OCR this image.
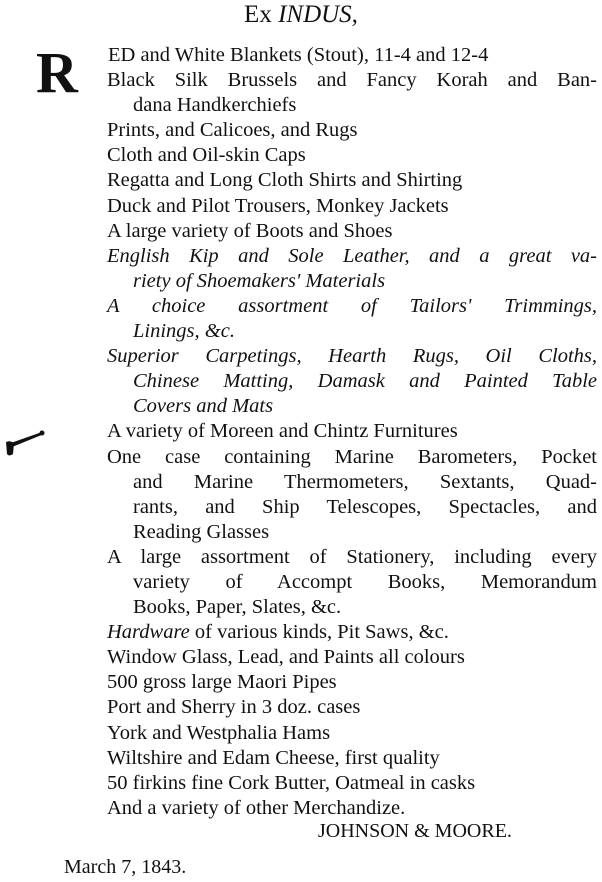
Ex INDUS,
R	ED and White Blankets (Stout), 11-4 and 12-4
Black Silk Brussels and Fancy Korah and Ban-
dana Handkerchiefs
Prints, and Calicoes, and Rugs
Cloth and Oil-skin Caps
Regatta and Long Cloth Shirts and Shirting
Duck and Pilot Trousers, Monkey Jackets
A large variety of Boots and Shoes
English Kip and Sole Leather, and a great va-
riety of Shoemakers' Materials
A choice assortment of Tailors' Trimmings,
Linings, &c.
Superior Carpetings, Hearth Rugs, Oil Cloths,
Chinese Matting, Damask and Painted Table
Covers and Mats
A variety of Moreen and Chintz Furnitures
One case containing Marine Barometers, Pocket
and Marine Thermometers, Sextants, Quad-
rants, and Ship Telescopes, Spectacles, and
Reading Glasses
A large assortment of Stationery, including every
variety of Accompt Books, Memorandum
Books, Paper, Slates, &c.
Hardware of various kinds, Pit Saws, &c.
Window Glass, Lead, and Paints all colours
500 gross large Maori Pipes
Port and Sherry in 3 doz. cases
York and Westphalia Hams
Wiltshire and Edam Cheese, first quality
50 firkins fine Cork Butter, Oatmeal in casks
And a variety of other Merchandize.
JOHNSON & MOORE.
March 7, 1843.
